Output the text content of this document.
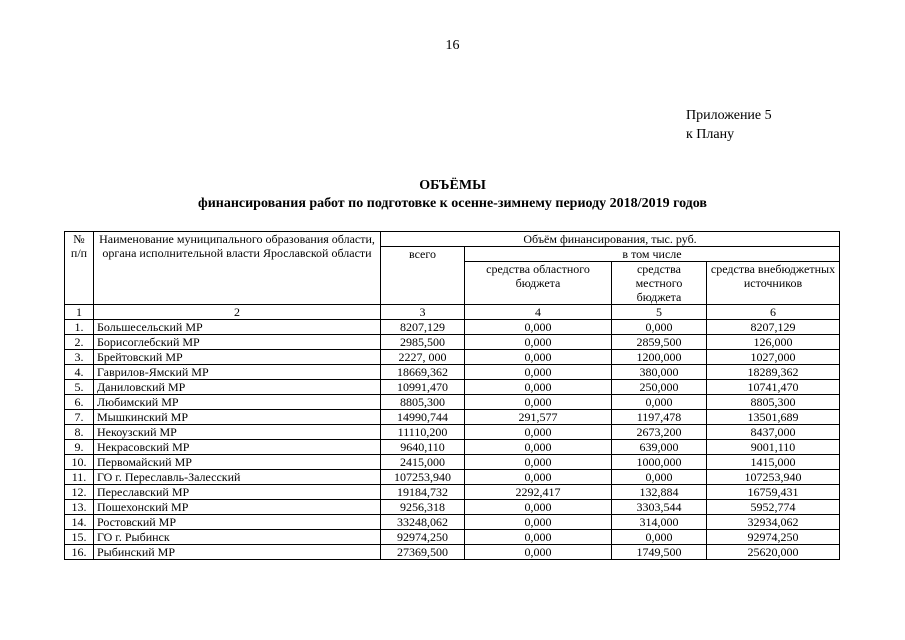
16
Приложение 5
к Плану
ОБЪЁМЫ
финансирования работ по подготовке к осенне-зимнему периоду 2018/2019 годов
№ п/п	Наименование муниципального образования области, органа исполнительной власти Ярославской области	Объём финансирования, тыс. руб.			
		всего	в том числе		
			средства областного бюджета	средства местного бюджета	средства внебюджетных источников
1	2	3	4	5	6
1.	Большесельский МР	8207,129	0,000	0,000	8207,129
2.	Борисоглебский МР	2985,500	0,000	2859,500	126,000
3.	Брейтовский МР	2227, 000	0,000	1200,000	1027,000
4.	Гаврилов-Ямский МР	18669,362	0,000	380,000	18289,362
5.	Даниловский МР	10991,470	0,000	250,000	10741,470
6.	Любимский МР	8805,300	0,000	0,000	8805,300
7.	Мышкинский МР	14990,744	291,577	1197,478	13501,689
8.	Некоузский МР	11110,200	0,000	2673,200	8437,000
9.	Некрасовский МР	9640,110	0,000	639,000	9001,110
10.	Первомайский МР	2415,000	0,000	1000,000	1415,000
11.	ГО г. Переславль-Залесский	107253,940	0,000	0,000	107253,940
12.	Переславский МР	19184,732	2292,417	132,884	16759,431
13.	Пошехонский МР	9256,318	0,000	3303,544	5952,774
14.	Ростовский МР	33248,062	0,000	314,000	32934,062
15.	ГО г. Рыбинск	92974,250	0,000	0,000	92974,250
16.	Рыбинский МР	27369,500	0,000	1749,500	25620,000
